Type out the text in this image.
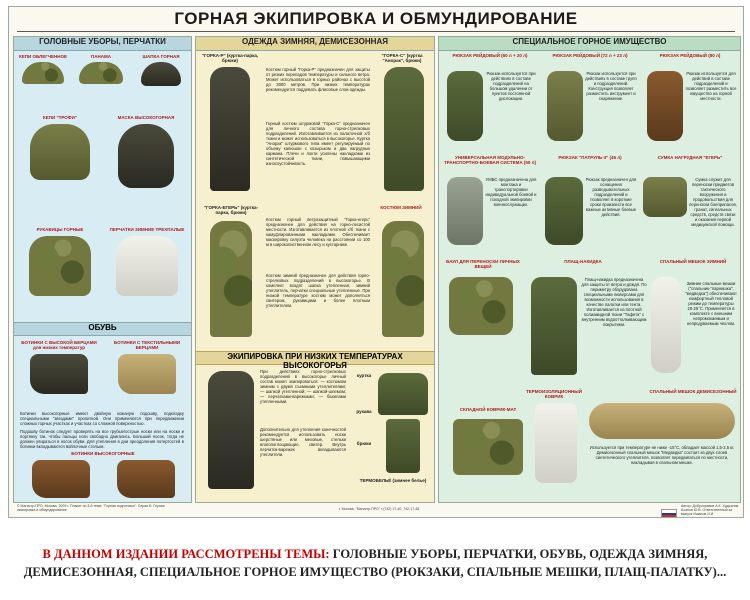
ГОРНАЯ ЭКИПИРОВКА И ОБМУНДИРОВАНИЕ
ГОЛОВНЫЕ УБОРЫ, ПЕРЧАТКИ
КЕПИ ОБЛЕГЧЕННОЕ	ПАНАМА	ШАПКА ГОРНАЯ
КЕПИ "ТРОФИ"	МАСКА ВЫСОКОГОРНАЯ
РУКАВИЦЫ ГОРНЫЕ	ПЕРЧАТКИ ЗИМНИЕ ТРЕХПАЛЫЕ
ОБУВЬ
БОТИНКИ С ВЫСОКОЙ БЕРЦАМИ для низких температур
БОТИНКИ С ТЕКСТИЛЬНЫМИ БЕРЦАМИ
Ботинки высокогорные имеют двойную кожаную подошву, подкладку специальными "звездами" пропиткой. Они применяются при передвижении сложных горных участках и участках со сложной поверхностью.
Подошву ботинок следует проверять на все грубые/острые носки или на носки и портянку так, чтобы пальцы ноги свободно двигались. Больший носок, тогда не должен упираться в носок обуви. Для утепления в дни преодоления потертостей в ботинки вкладываются войлочные стельки.
БОТИНКИ ВЫСОКОГОРНЫЕ
ОДЕЖДА ЗИМНЯЯ, ДЕМИСЕЗОННАЯ
"ГОРКА-Р" (куртка-парка, брюки)
"ГОРКА-С" (куртка "Анорак", брюки)
Костюм горный "Горка-Р" предназначен для защиты от резких перепадов температуры и сильного ветра. Может использоваться в горных районах с высотой до 3000 метров. При низких температурах рекомендуется поддевать флисовые слои одежды.
Горный костюм штурмовой "Горка-С" предназначен для личного состава горно-стрелковых подразделений. Изготавливается из палаточной х/б ткани и может использоваться в высокогорье. Куртка "Анорак" штурмового типа имеет регулируемый по объему капюшон с козырьком и два нагрудных кармана. Плечи и локти усилены накладками из синтетической ткани, повышающими износоустойчивость.
"ГОРКА-ЕГЕРЬ" (куртка-парка, брюки)
КОСТЮМ ЗИМНИЙ
Костюм горный ветрозащитный "Горка-егерь" предназначен для действия на горно-лесистой местности. Изготавливается из плотной х/б ткани с камуфлированными накладками. Обеспечивает маскировку силуэта человека на расстоянии со 100 м в широколиственном лесу и кустарнике.
Костюм зимний предназначен для действия горно-стрелковых подразделений в высокогорье. В комплект входят шапка утепленная, зимний утеплитель, перчатки специальные утепленные. При низкой температуре костюм может дополняться свитером, рукавицами и более плотным утеплителем.
ЭКИПИРОВКА ПРИ НИЗКИХ ТЕМПЕРАТУРАХ ВЫСОКОГОРЬЯ
При действиях горно-стрелковых подразделений в высокогорье личный состав может экипироваться: — костюмом зимним с двумя съемными утеплителями; — шапкой утепленной; — шапкой-шлемом; — перчатками-варежками; — бахилами утепленными.
Дополнительно для утепления конечностей рекомендуется использовать носки шерстяные или меховые, стельки влагопоглощающие, свитер. Внутрь перчаток-варежек вкладываются утеплители.
куртка
рукава
брюки
ТЕРМОБЕЛЬЁ (зимнее белье)
СПЕЦИАЛЬНОЕ ГОРНОЕ ИМУЩЕСТВО
РЮКЗАК РЕЙДОВЫЙ (60 л + 20 л)	РЮКЗАК РЕЙДОВЫЙ (72 л + 23 л)	РЮКЗАК РЕЙДОВЫЙ (80 л)
Рюкзак используется при действиях в составе подразделений на большом удалении от пунктов постоянной дислокации.
Рюкзак используется при действиях в составе групп и подразделений. Конструкция позволяет разместить инструмент и снаряжение.
Рюкзак используется для действий в составе подразделений и позволяет разместить все имущество на горной местности.
УНИВЕРСАЛЬНАЯ МОДУЛЬНО-ТРАНСПОРТНО-БОЕВАЯ СИСТЕМА (50 л)
РЮКЗАК "ПАТРУЛЬ-3" (45 л)	СУМКА НАГРУДНАЯ "ЕГЕРЬ"
УМБС предназначена для монтажа и транспортировки индивидуальной боевой и походной экипировки военнослужащих.
Рюкзак предназначен для оснащения разведывательных подразделений и позволяет в короткие сроки произвести все важные активные боевые действия.
Сумка служит для переноски предметов тактического вооружения и продовольствия для переноски боеприпасов, гранат, сигнальных средств, средств связи и оказания первой медицинской помощи.
БАУЛ ДЛЯ ПЕРЕНОСКИ ЛИЧНЫХ ВЕЩЕЙ
ПЛАЩ-НАКИДКА	СПАЛЬНЫЙ МЕШОК ЗИМНИЙ
Плащ-накидка предназначена для защиты от ветра и дождя. По периметру оборудована специальными люверсами для возможности использования в качестве палатки или тента. Изготавливается из плотной полиамидной ткани "Тафета" с внутренним водоотталкивающим покрытием.
Зимние спальные мешки ("спальник-"парнишка", "медведка") обеспечивают комфортный тепловой режим до температуры 20-25°С. Применяется в комплекте с внешним непромокаемым и непродуваемым чехлом.
ТЕРМОИЗОЛЯЦИОННЫЙ КОВРИК
СПАЛЬНЫЙ МЕШОК ДЕМИСЕЗОННЫЙ
СКЛАДНОЙ КОВРИК-МАТ
Используется при температуре не ниже -15°С, обладает массой 1,5-2,5 кг. Демисезонный спальный мешок "Медведка" состоит из двух слоев синтетического утеплителя, позволяет передвигаться по местности, накладывая в спальном мешке.
© Магистр-ПРО, Москва, 2009 г. Плакат по 3-й теме: "Горная подготовка". Серия Б: Горная экипировка и обмундирование	г. Москва, "Магистр-ПРО" т.(742) 17-40, 742-17-48
Автор: Добронравов А.К. Художник: Асанов Ю.В. Ответственный за выпуск Ишанов И.И.
В ДАННОМ ИЗДАНИИ РАССМОТРЕНЫ ТЕМЫ: ГОЛОВНЫЕ УБОРЫ, ПЕРЧАТКИ, ОБУВЬ, ОДЕЖДА ЗИМНЯЯ, ДЕМИСЕЗОННАЯ, СПЕЦИАЛЬНОЕ ГОРНОЕ ИМУЩЕСТВО (РЮКЗАКИ, СПАЛЬНЫЕ МЕШКИ, ПЛАЩ-ПАЛАТКУ)...
